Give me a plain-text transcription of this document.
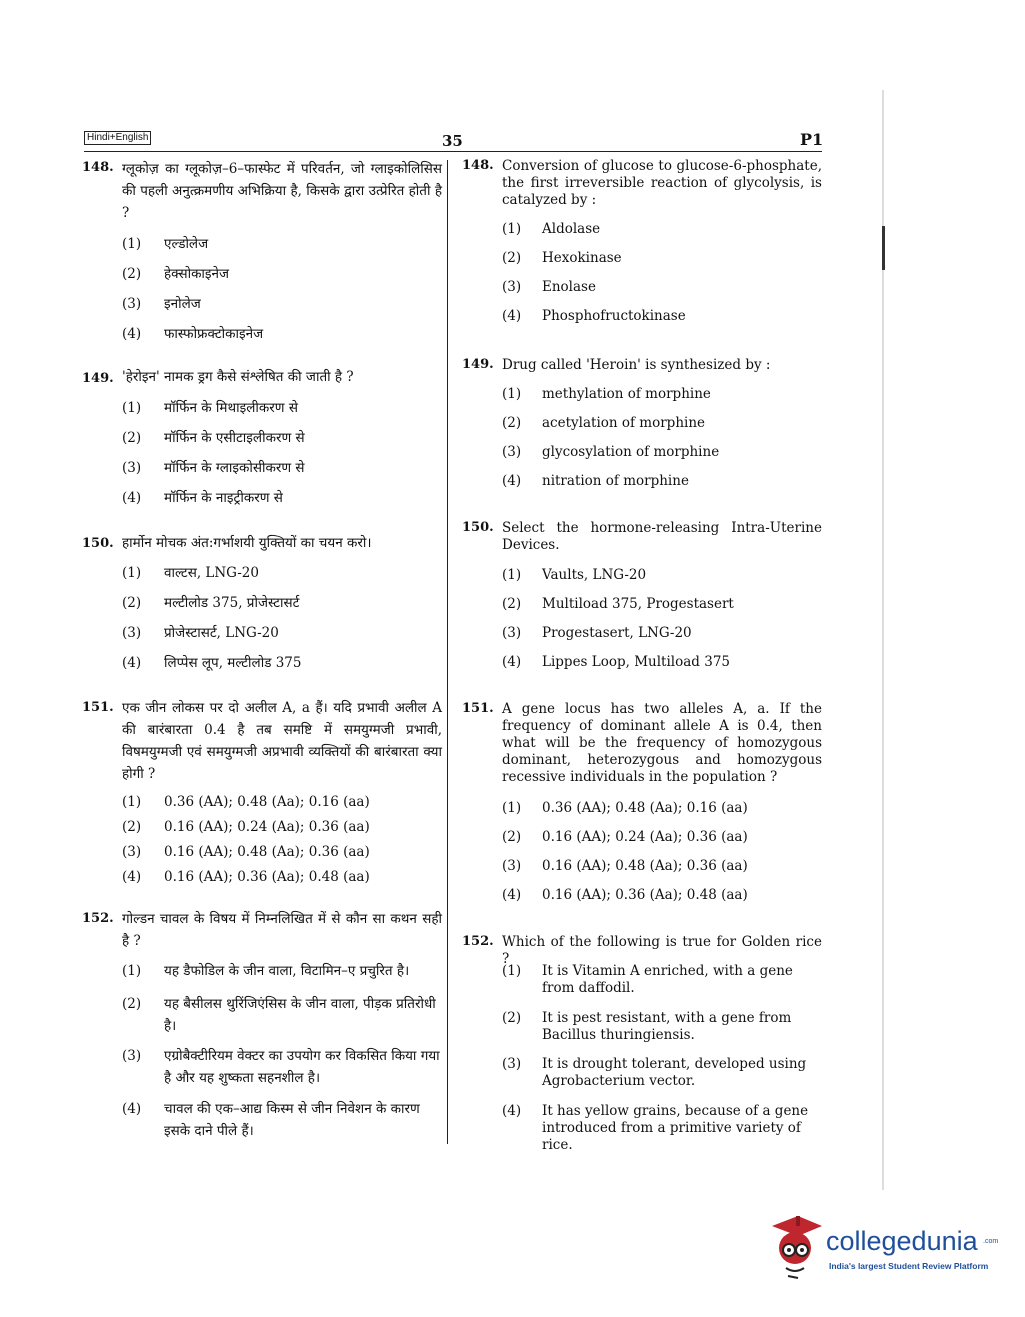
Hindi+English	35	P1
148. ग्लूकोज़ का ग्लूकोज़–6–फास्फेट में परिवर्तन, जो ग्लाइकोलिसिस की पहली अनुत्क्रमणीय अभिक्रिया है, किसके द्वारा उत्प्रेरित होती है ?
(1) एल्डोलेज
(2) हेक्सोकाइनेज
(3) इनोलेज
(4) फास्फोफ्रक्टोकाइनेज
149. 'हेरोइन' नामक ड्रग कैसे संश्लेषित की जाती है ?
(1) मॉर्फिन के मिथाइलीकरण से
(2) मॉर्फिन के एसीटाइलीकरण से
(3) मॉर्फिन के ग्लाइकोसीकरण से
(4) मॉर्फिन के नाइट्रीकरण से
150. हार्मोन मोचक अंत:गर्भाशयी युक्तियों का चयन करो।
(1) वाल्टस, LNG-20
(2) मल्टीलोड 375, प्रोजेस्टासर्ट
(3) प्रोजेस्टासर्ट, LNG-20
(4) लिप्पेस लूप, मल्टीलोड 375
151. एक जीन लोकस पर दो अलील A, a हैं। यदि प्रभावी अलील A की बारंबारता 0.4 है तब समष्टि में समयुग्मजी प्रभावी, विषमयुग्मजी एवं समयुग्मजी अप्रभावी व्यक्तियों की बारंबारता क्या होगी ?
(1) 0.36 (AA); 0.48 (Aa); 0.16 (aa)
(2) 0.16 (AA); 0.24 (Aa); 0.36 (aa)
(3) 0.16 (AA); 0.48 (Aa); 0.36 (aa)
(4) 0.16 (AA); 0.36 (Aa); 0.48 (aa)
152. गोल्डन चावल के विषय में निम्नलिखित में से कौन सा कथन सही है ?
(1) यह डैफोडिल के जीन वाला, विटामिन–ए प्रचुरित है।
(2) यह बैसीलस थुरिंजिएंसिस के जीन वाला, पीड़क प्रतिरोधी है।
(3) एग्रोबैक्टीरियम वेक्टर का उपयोग कर विकसित किया गया है और यह शुष्कता सहनशील है।
(4) चावल की एक–आद्य किस्म से जीन निवेशन के कारण इसके दाने पीले हैं।
148. Conversion of glucose to glucose-6-phosphate, the first irreversible reaction of glycolysis, is catalyzed by :
(1) Aldolase
(2) Hexokinase
(3) Enolase
(4) Phosphofructokinase
149. Drug called 'Heroin' is synthesized by :
(1) methylation of morphine
(2) acetylation of morphine
(3) glycosylation of morphine
(4) nitration of morphine
150. Select the hormone-releasing Intra-Uterine Devices.
(1) Vaults, LNG-20
(2) Multiload 375, Progestasert
(3) Progestasert, LNG-20
(4) Lippes Loop, Multiload 375
151. A gene locus has two alleles A, a. If the frequency of dominant allele A is 0.4, then what will be the frequency of homozygous dominant, heterozygous and homozygous recessive individuals in the population ?
(1) 0.36 (AA); 0.48 (Aa); 0.16 (aa)
(2) 0.16 (AA); 0.24 (Aa); 0.36 (aa)
(3) 0.16 (AA); 0.48 (Aa); 0.36 (aa)
(4) 0.16 (AA); 0.36 (Aa); 0.48 (aa)
152. Which of the following is true for Golden rice ?
(1) It is Vitamin A enriched, with a gene from daffodil.
(2) It is pest resistant, with a gene from Bacillus thuringiensis.
(3) It is drought tolerant, developed using Agrobacterium vector.
(4) It has yellow grains, because of a gene introduced from a primitive variety of rice.
collegedunia .com
India's largest Student Review Platform
